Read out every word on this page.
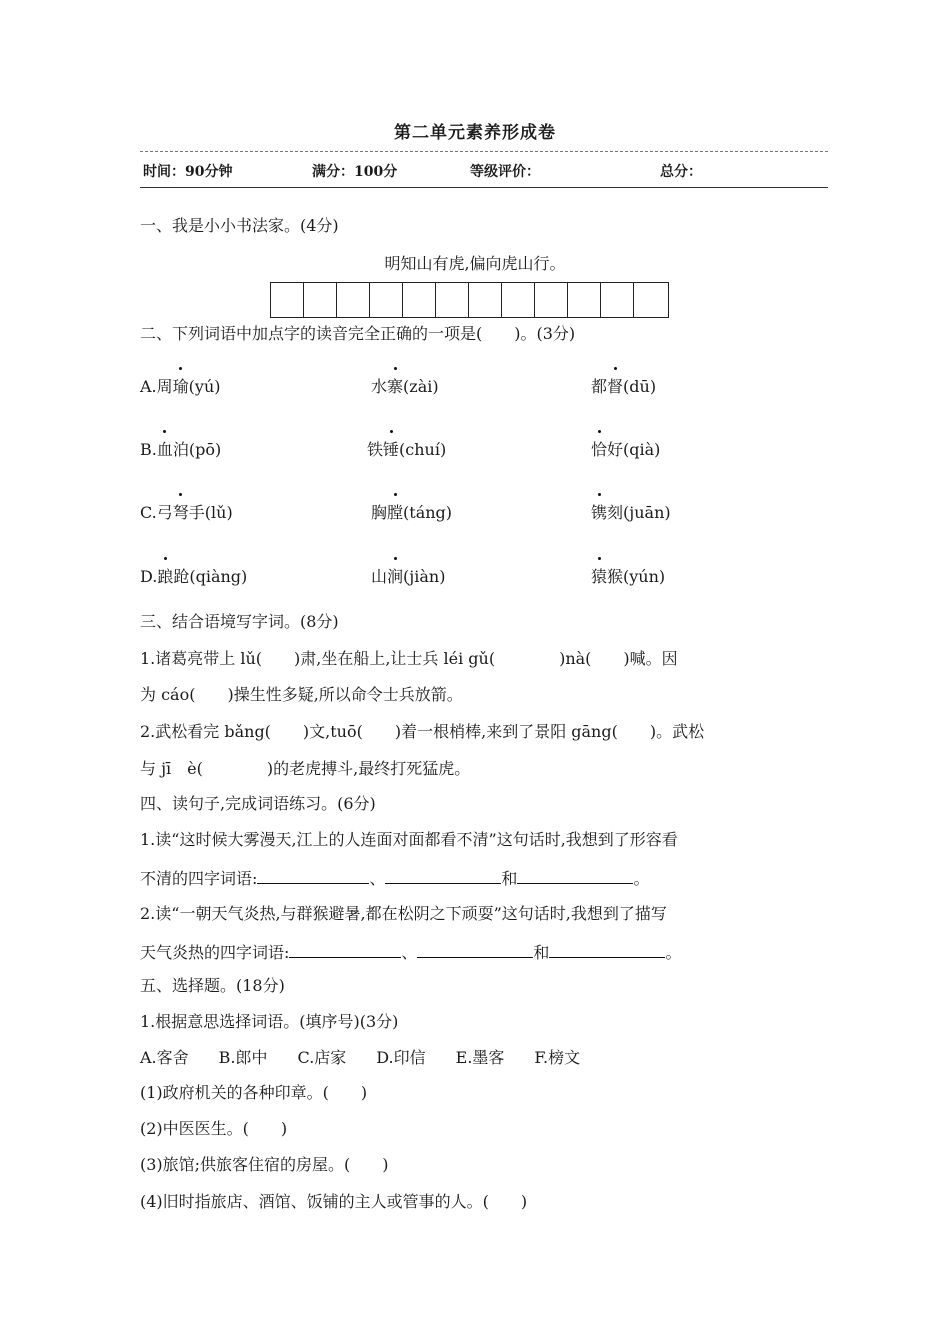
第二单元素养形成卷
时间：90分钟	满分：100分	等级评价：	总分：
一、我是小小书法家。(4分)
明知山有虎,偏向虎山行。
二、下列词语中加点字的读音完全正确的一项是(　　)。(3分)
A.周瑜(yú)	水寨(zài)	都督(dū)
B.血泊(pō)	铁锤(chuí)	恰好(qià)
C.弓弩手(lǔ)	胸膛(táng)	镌刻(juān)
D.踉跄(qiàng)	山涧(jiàn)	猿猴(yún)
三、结合语境写字词。(8分)
1.诸葛亮带上 lǔ(　　)肃,坐在船上,让士兵 léi gǔ(　　　　)nà(　　)喊。因
为 cáo(　　)操生性多疑,所以命令士兵放箭。
2.武松看完 bǎng(　　)文,tuō(　　)着一根梢棒,来到了景阳 gāng(　　)。武松
与 jī　è(　　　　)的老虎搏斗,最终打死猛虎。
四、读句子,完成词语练习。(6分)
1.读“这时候大雾漫天,江上的人连面对面都看不清”这句话时,我想到了形容看
不清的四字词语:	、	和	。
2.读“一朝天气炎热,与群猴避暑,都在松阴之下顽耍”这句话时,我想到了描写
天气炎热的四字词语:	、	和	。
五、选择题。(18分)
1.根据意思选择词语。(填序号)(3分)
A.客舍 B.郎中 C.店家 D.印信 E.墨客 F.榜文
(1)政府机关的各种印章。(　　)
(2)中医医生。(　　)
(3)旅馆;供旅客住宿的房屋。(　　)
(4)旧时指旅店、酒馆、饭铺的主人或管事的人。(　　)
